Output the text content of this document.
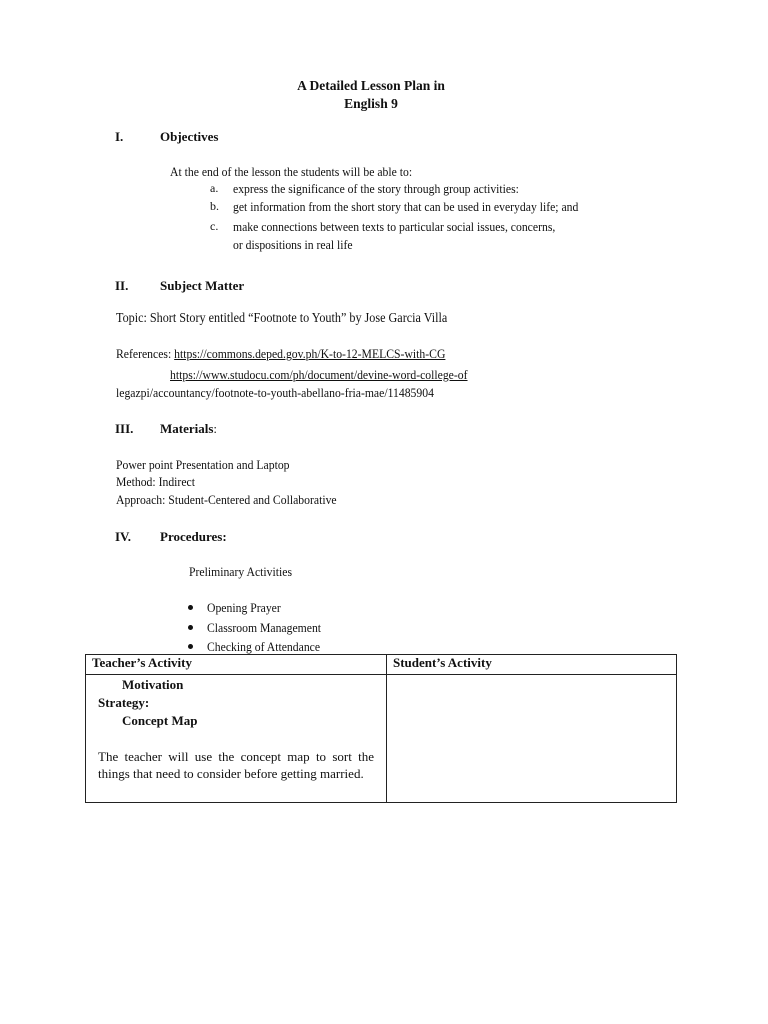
A Detailed Lesson Plan in
English 9
I.	Objectives
At the end of the lesson the students will be able to:
a. express the significance of the story through group activities:
b. get information from the short story that can be used in everyday life; and
c. make connections between texts to particular social issues, concerns,
or dispositions in real life
II. Subject Matter
Topic: Short Story entitled “Footnote to Youth” by Jose Garcia Villa
References: https://commons.deped.gov.ph/K-to-12-MELCS-with-CG
https://www.studocu.com/ph/document/devine-word-college-of
legazpi/accountancy/footnote-to-youth-abellano-fria-mae/11485904
III. Materials:
Power point Presentation and Laptop
Method: Indirect
Approach: Student-Centered and Collaborative
IV. Procedures:
Preliminary Activities
Opening Prayer
Classroom Management
Checking of Attendance
Teacher’s Activity	Student’s Activity

Motivation
Strategy:
Concept Map
The teacher will use the concept map to sort the things that need to consider before getting married.	
